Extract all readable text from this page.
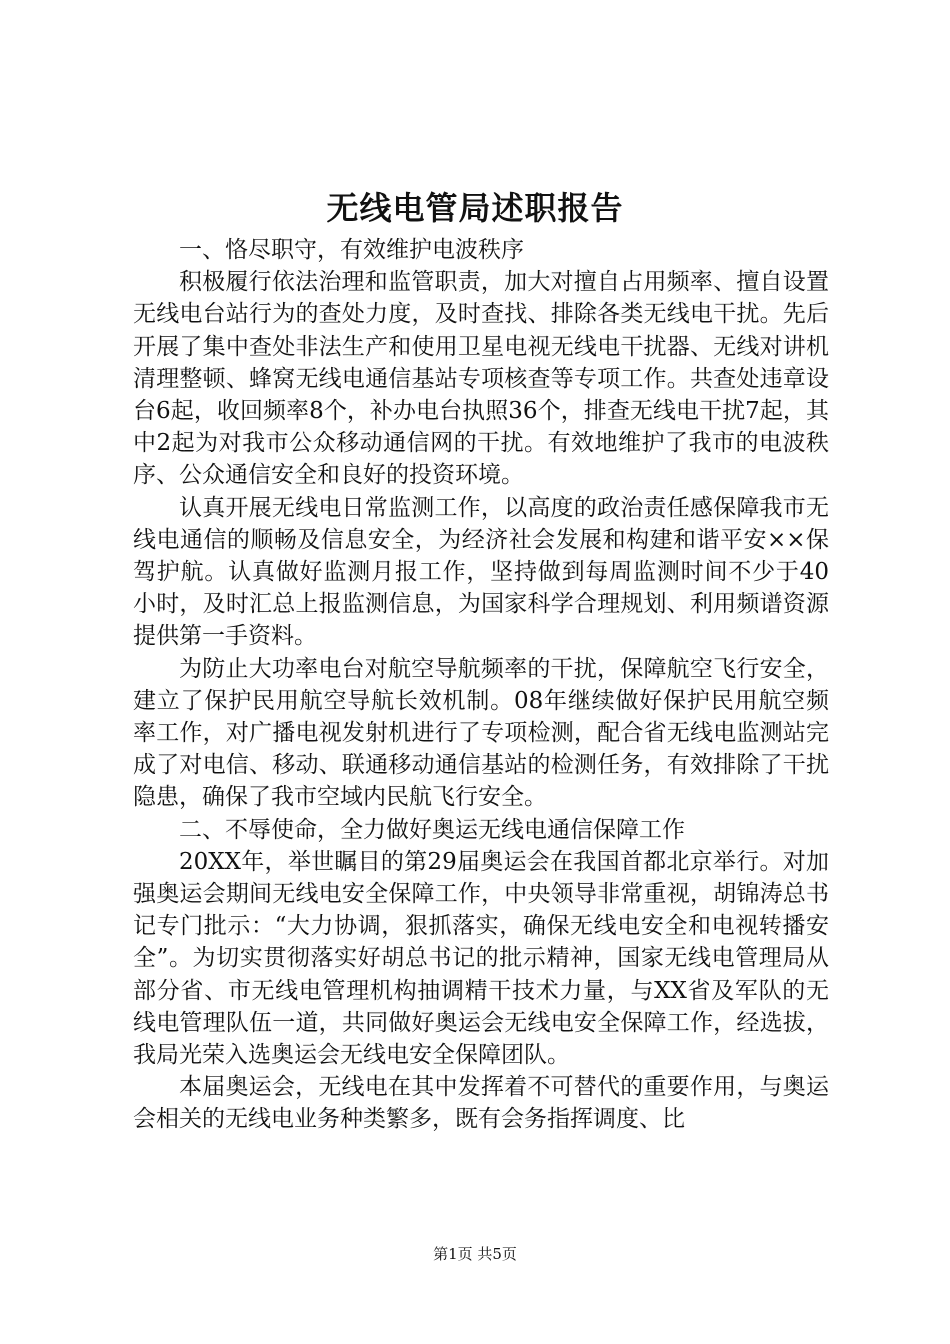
无线电管局述职报告

一、恪尽职守，有效维护电波秩序

积极履行依法治理和监管职责，加大对擅自占用频率、擅自设置无线电台站行为的查处力度，及时查找、排除各类无线电干扰。先后开展了集中查处非法生产和使用卫星电视无线电干扰器、无线对讲机清理整顿、蜂窝无线电通信基站专项核查等专项工作。共查处违章设台6起，收回频率8个，补办电台执照36个，排查无线电干扰7起，其中2起为对我市公众移动通信网的干扰。有效地维护了我市的电波秩序、公众通信安全和良好的投资环境。

认真开展无线电日常监测工作，以高度的政治责任感保障我市无线电通信的顺畅及信息安全，为经济社会发展和构建和谐平安××保驾护航。认真做好监测月报工作，坚持做到每周监测时间不少于40小时，及时汇总上报监测信息，为国家科学合理规划、利用频谱资源提供第一手资料。

为防止大功率电台对航空导航频率的干扰，保障航空飞行安全，建立了保护民用航空导航长效机制。08年继续做好保护民用航空频率工作，对广播电视发射机进行了专项检测，配合省无线电监测站完成了对电信、移动、联通移动通信基站的检测任务，有效排除了干扰隐患，确保了我市空域内民航飞行安全。

二、不辱使命，全力做好奥运无线电通信保障工作

20XX年，举世瞩目的第29届奥运会在我国首都北京举行。对加强奥运会期间无线电安全保障工作，中央领导非常重视，胡锦涛总书记专门批示：“大力协调，狠抓落实，确保无线电安全和电视转播安全”。为切实贯彻落实好胡总书记的批示精神，国家无线电管理局从部分省、市无线电管理机构抽调精干技术力量，与XX省及军队的无线电管理队伍一道，共同做好奥运会无线电安全保障工作，经选拔，我局光荣入选奥运会无线电安全保障团队。

本届奥运会，无线电在其中发挥着不可替代的重要作用，与奥运会相关的无线电业务种类繁多，既有会务指挥调度、比

第1页 共5页
